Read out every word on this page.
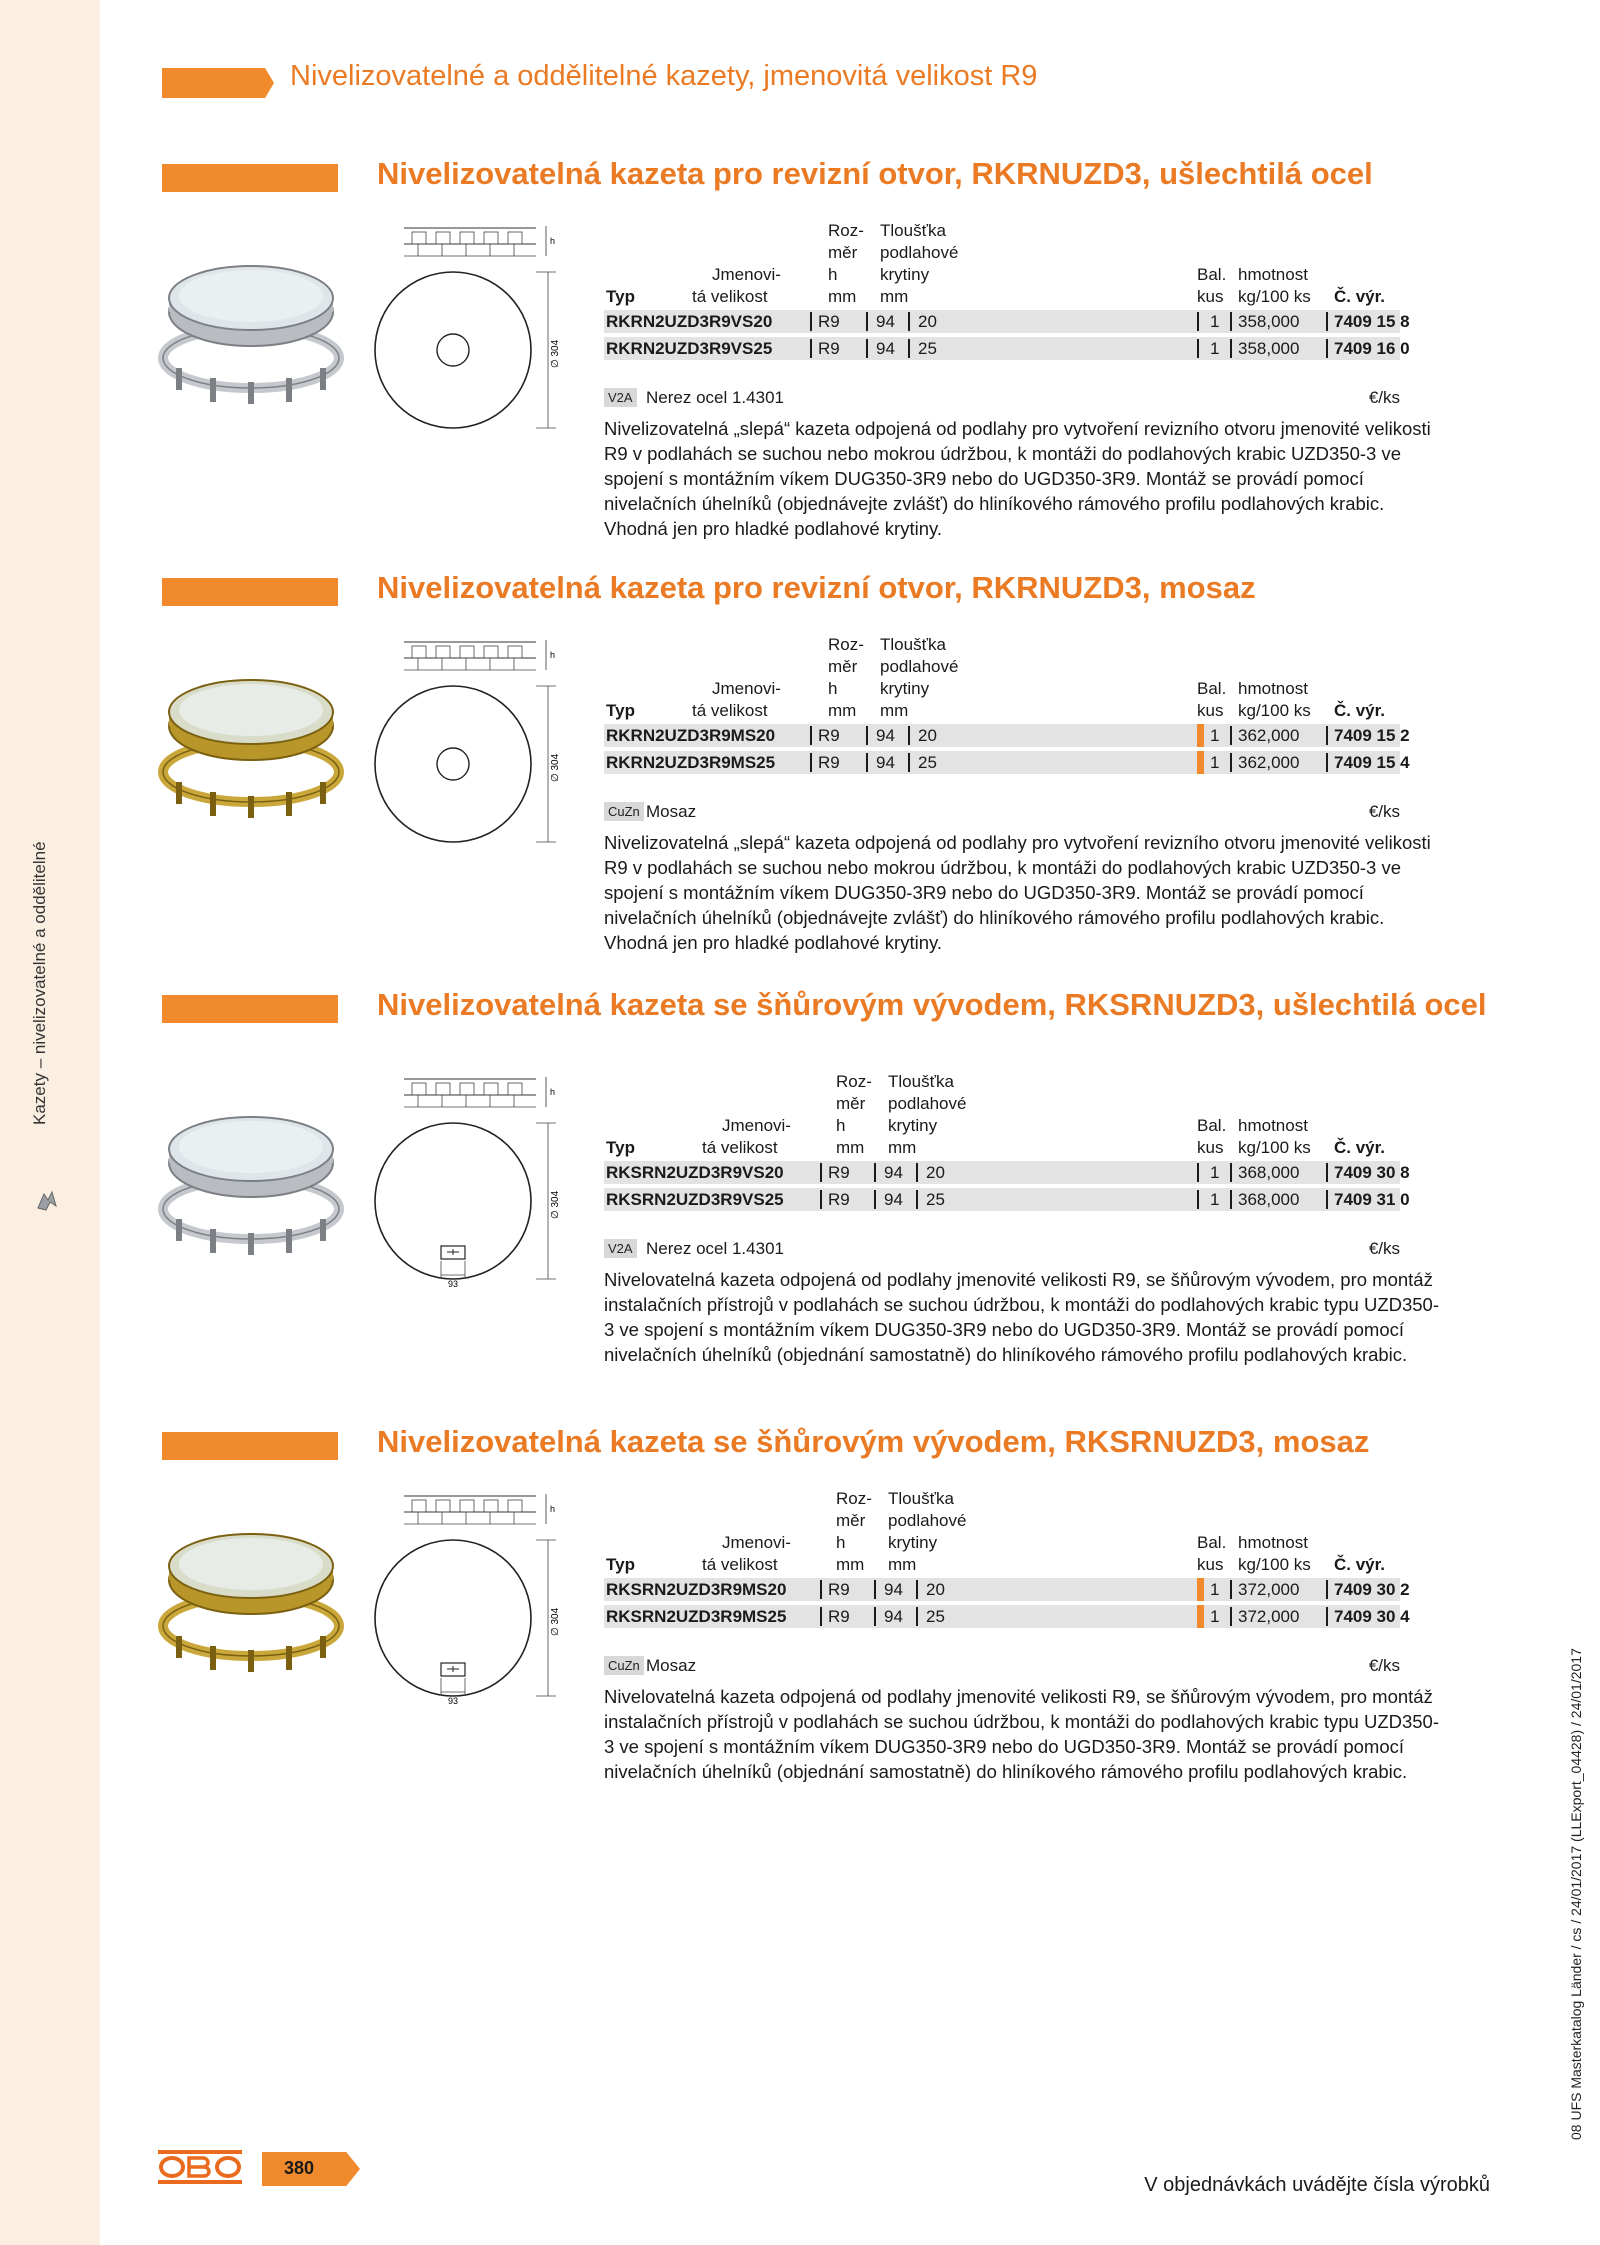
Kazety – nivelizovatelné a oddělitelné
08 UFS Masterkatalog Länder / cs / 24/01/2017 (LLExport_04428) / 24/01/2017
Nivelizovatelné a oddělitelné kazety, jmenovitá velikost R9
Nivelizovatelná kazeta pro revizní otvor, RKRNUZD3, ušlechtilá ocel
h
∅ 304
Roz- Tloušťka
měr podlahové
Jmenovi-	h	krytiny	Bal. hmotnost
Typ	tá velikost	mm mm	kus kg/100 ks Č. výr.
RKRN2UZD3R9VS20	R9 94 20	1 358,000 7409 15 8
RKRN2UZD3R9VS25	R9 94 25	1 358,000 7409 16 0
V2A Nerez ocel 1.4301	€/ks
Nivelizovatelná „slepá“ kazeta odpojená od podlahy pro vytvoření revizního otvoru jmenovité velikosti R9 v podlahách se suchou nebo mokrou údržbou, k montáži do podlahových krabic UZD350-3 ve spojení s montážním víkem DUG350-3R9 nebo do UGD350-3R9. Montáž se provádí pomocí nivelačních úhelníků (objednávejte zvlášť) do hliníkového rámového profilu podlahových krabic. Vhodná jen pro hladké podlahové krytiny.
Nivelizovatelná kazeta pro revizní otvor, RKRNUZD3, mosaz
h
∅ 304
Roz- Tloušťka
měr podlahové
Jmenovi-	h	krytiny	Bal. hmotnost
Typ	tá velikost	mm mm	kus kg/100 ks Č. výr.
RKRN2UZD3R9MS20	R9 94 20	1 362,000 7409 15 2
RKRN2UZD3R9MS25	R9 94 25	1 362,000 7409 15 4
CuZn Mosaz	€/ks
Nivelizovatelná „slepá“ kazeta odpojená od podlahy pro vytvoření revizního otvoru jmenovité velikosti R9 v podlahách se suchou nebo mokrou údržbou, k montáži do podlahových krabic UZD350-3 ve spojení s montážním víkem DUG350-3R9 nebo do UGD350-3R9. Montáž se provádí pomocí nivelačních úhelníků (objednávejte zvlášť) do hliníkového rámového profilu podlahových krabic. Vhodná jen pro hladké podlahové krytiny.
Nivelizovatelná kazeta se šňůrovým vývodem, RKSRNUZD3, ušlechtilá ocel
h
93
∅ 304
Roz- Tloušťka
měr podlahové
Jmenovi-	h	krytiny	Bal. hmotnost
Typ	tá velikost	mm mm	kus kg/100 ks Č. výr.
RKSRN2UZD3R9VS20	R9 94 20	1 368,000 7409 30 8
RKSRN2UZD3R9VS25	R9 94 25	1 368,000 7409 31 0
V2A Nerez ocel 1.4301	€/ks
Nivelovatelná kazeta odpojená od podlahy jmenovité velikosti R9, se šňůrovým vývodem, pro montáž instalačních přístrojů v podlahách se suchou údržbou, k montáži do podlahových krabic typu UZD350-3 ve spojení s montážním víkem DUG350-3R9 nebo do UGD350-3R9. Montáž se provádí pomocí nivelačních úhelníků (objednání samostatně) do hliníkového rámového profilu podlahových krabic.
Nivelizovatelná kazeta se šňůrovým vývodem, RKSRNUZD3, mosaz
h
93
∅ 304
Roz- Tloušťka
měr podlahové
Jmenovi-	h	krytiny	Bal. hmotnost
Typ	tá velikost	mm mm	kus kg/100 ks Č. výr.
RKSRN2UZD3R9MS20 R9 94 20	1 372,000 7409 30 2
RKSRN2UZD3R9MS25 R9 94 25	1 372,000 7409 30 4
CuZn Mosaz	€/ks
Nivelovatelná kazeta odpojená od podlahy jmenovité velikosti R9, se šňůrovým vývodem, pro montáž instalačních přístrojů v podlahách se suchou údržbou, k montáži do podlahových krabic typu UZD350-3 ve spojení s montážním víkem DUG350-3R9 nebo do UGD350-3R9. Montáž se provádí pomocí nivelačních úhelníků (objednání samostatně) do hliníkového rámového profilu podlahových krabic.
380
V objednávkách uvádějte čísla výrobků
